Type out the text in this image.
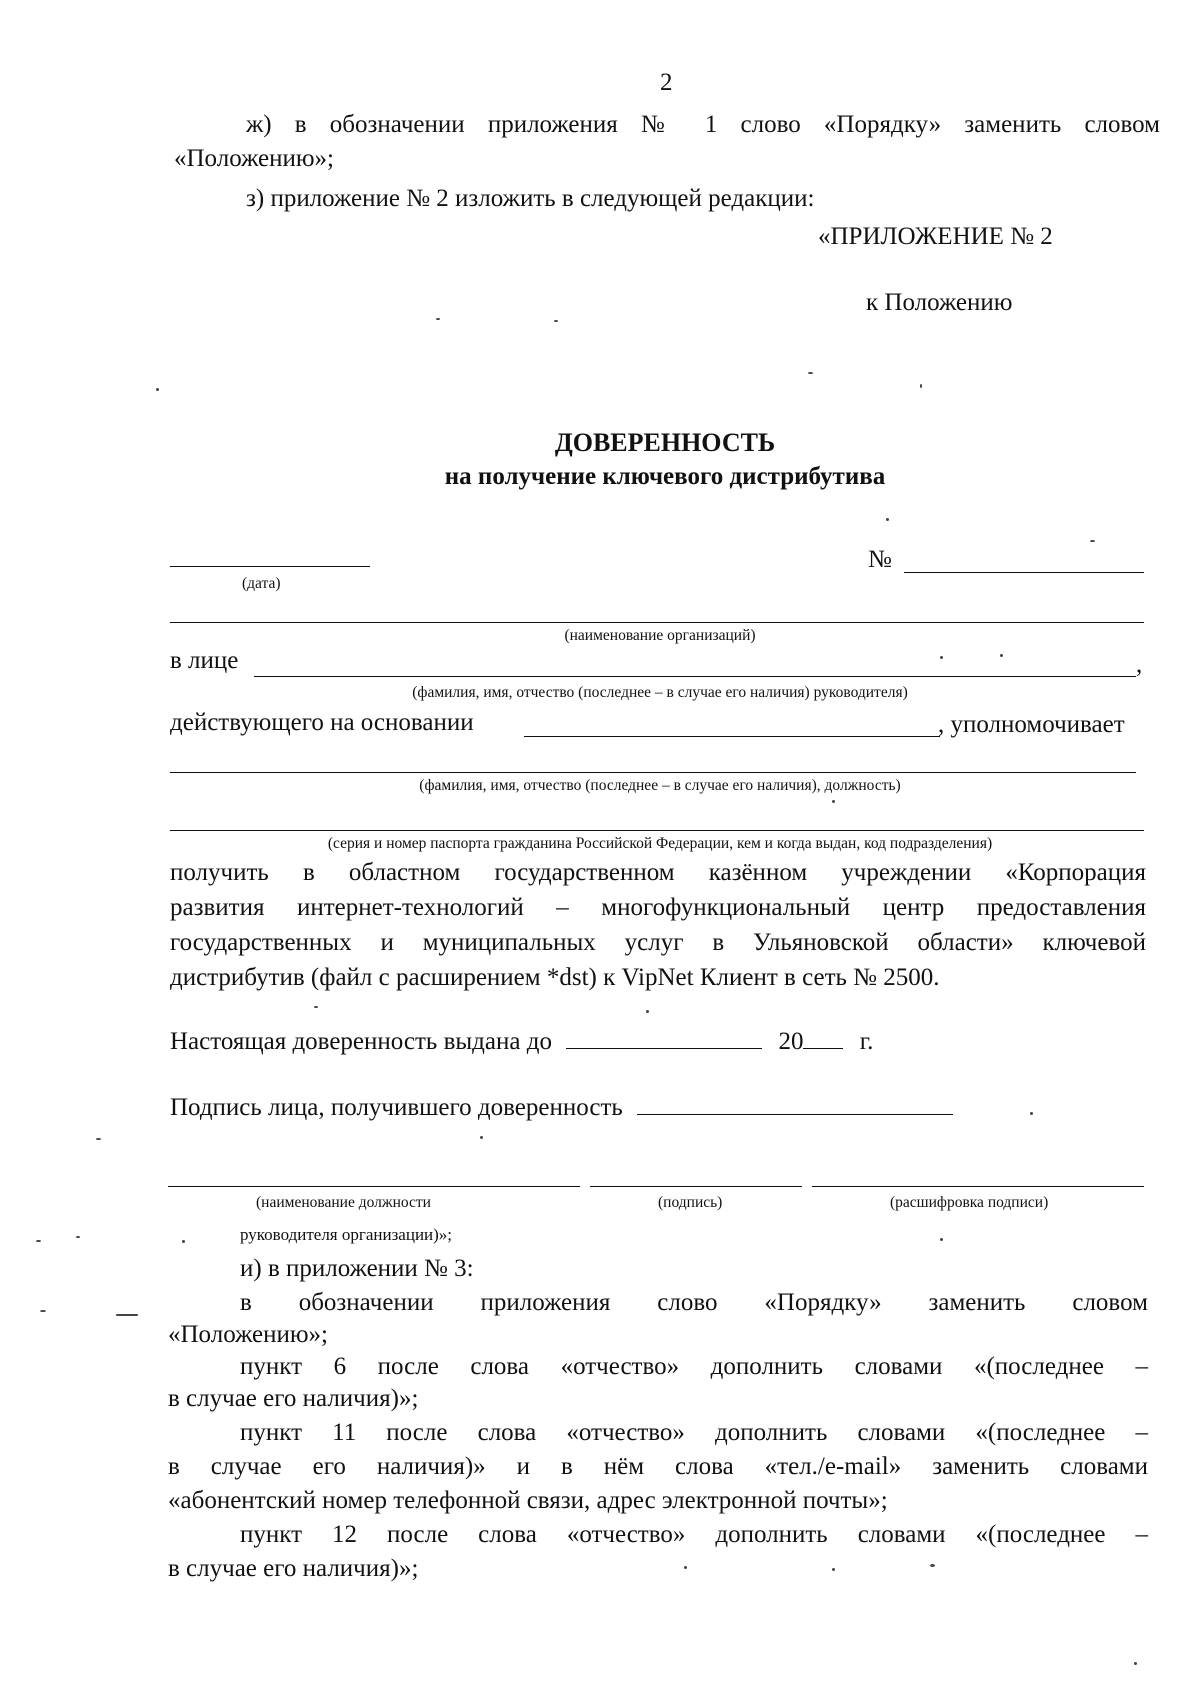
2
ж) в обозначении приложения № 1 слово «Порядку» заменить словом
«Положению»;
з) приложение № 2 изложить в следующей редакции:
«ПРИЛОЖЕНИЕ № 2
к Положению
ДОВЕРЕННОСТЬ
на получение ключевого дистрибутива
(дата)
№
(наименование организаций)
в лице	,
(фамилия, имя, отчество (последнее – в случае его наличия) руководителя)
действующего на основании	, уполномочивает
(фамилия, имя, отчество (последнее – в случае его наличия), должность)
(серия и номер паспорта гражданина Российской Федерации, кем и когда выдан, код подразделения)
получить в областном государственном казённом учреждении «Корпорация
развития интернет-технологий – многофункциональный центр предоставления
государственных и муниципальных услуг в Ульяновской области» ключевой
дистрибутив (файл с расширением *dst) к VipNet Клиент в сеть № 2500.
Настоящая доверенность выдана до	20 г.
Подпись лица, получившего доверенность
(наименование должности	(подпись)	(расшифровка подписи)
руководителя организации)»;
и) в приложении № 3:
в обозначении приложения слово «Порядку» заменить словом
«Положению»;
пункт 6 после слова «отчество» дополнить словами «(последнее –
в случае его наличия)»;
пункт 11 после слова «отчество» дополнить словами «(последнее –
в случае его наличия)» и в нём слова «тел./e-mail» заменить словами
«абонентский номер телефонной связи, адрес электронной почты»;
пункт 12 после слова «отчество» дополнить словами «(последнее –
в случае его наличия)»;
